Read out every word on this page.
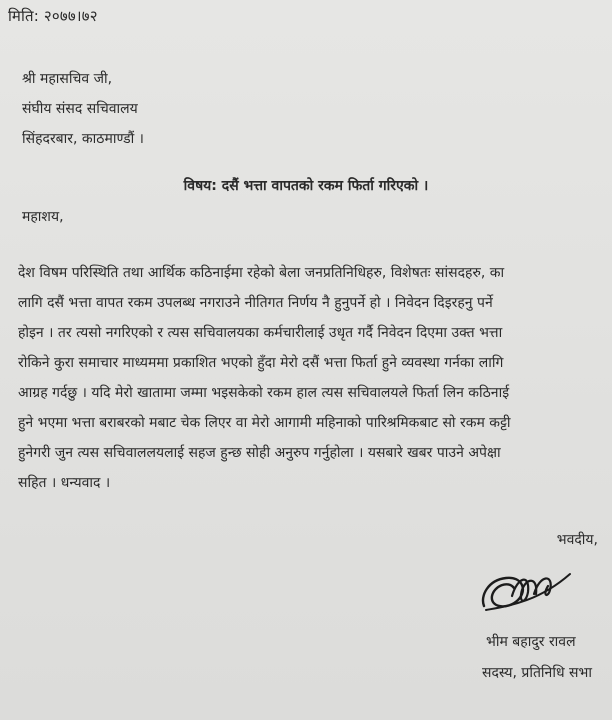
मिति: २०७७।७२
श्री महासचिव जी,
संघीय संसद सचिवालय
सिंहदरबार, काठमाण्डौं ।
विषय: दसैं भत्ता वापतको रकम फिर्ता गरिएको ।
महाशय,
देश विषम परिस्थिति तथा आर्थिक कठिनाईमा रहेको बेला जनप्रतिनिधिहरु, विशेषतः सांसदहरु, का
लागि दसैं भत्ता वापत रकम उपलब्ध नगराउने नीतिगत निर्णय नै हुनुपर्ने हो । निवेदन दिइरहनु पर्ने
होइन । तर त्यसो नगरिएको र त्यस सचिवालयका कर्मचारीलाई उधृत गर्दै निवेदन दिएमा उक्त भत्ता
रोकिने कुरा समाचार माध्यममा प्रकाशित भएको हुँदा मेरो दसैं भत्ता फिर्ता हुने व्यवस्था गर्नका लागि
आग्रह गर्दछु । यदि मेरो खातामा जम्मा भइसकेको रकम हाल त्यस सचिवालयले फिर्ता लिन कठिनाई
हुने भएमा भत्ता बराबरको मबाट चेक लिएर वा मेरो आगामी महिनाको पारिश्रमिकबाट सो रकम कट्टी
हुनेगरी जुन त्यस सचिवाललयलाई सहज हुन्छ सोही अनुरुप गर्नुहोला । यसबारे खबर पाउने अपेक्षा
सहित । धन्यवाद ।
भवदीय,
भीम बहादुर रावल
सदस्य, प्रतिनिधि सभा
